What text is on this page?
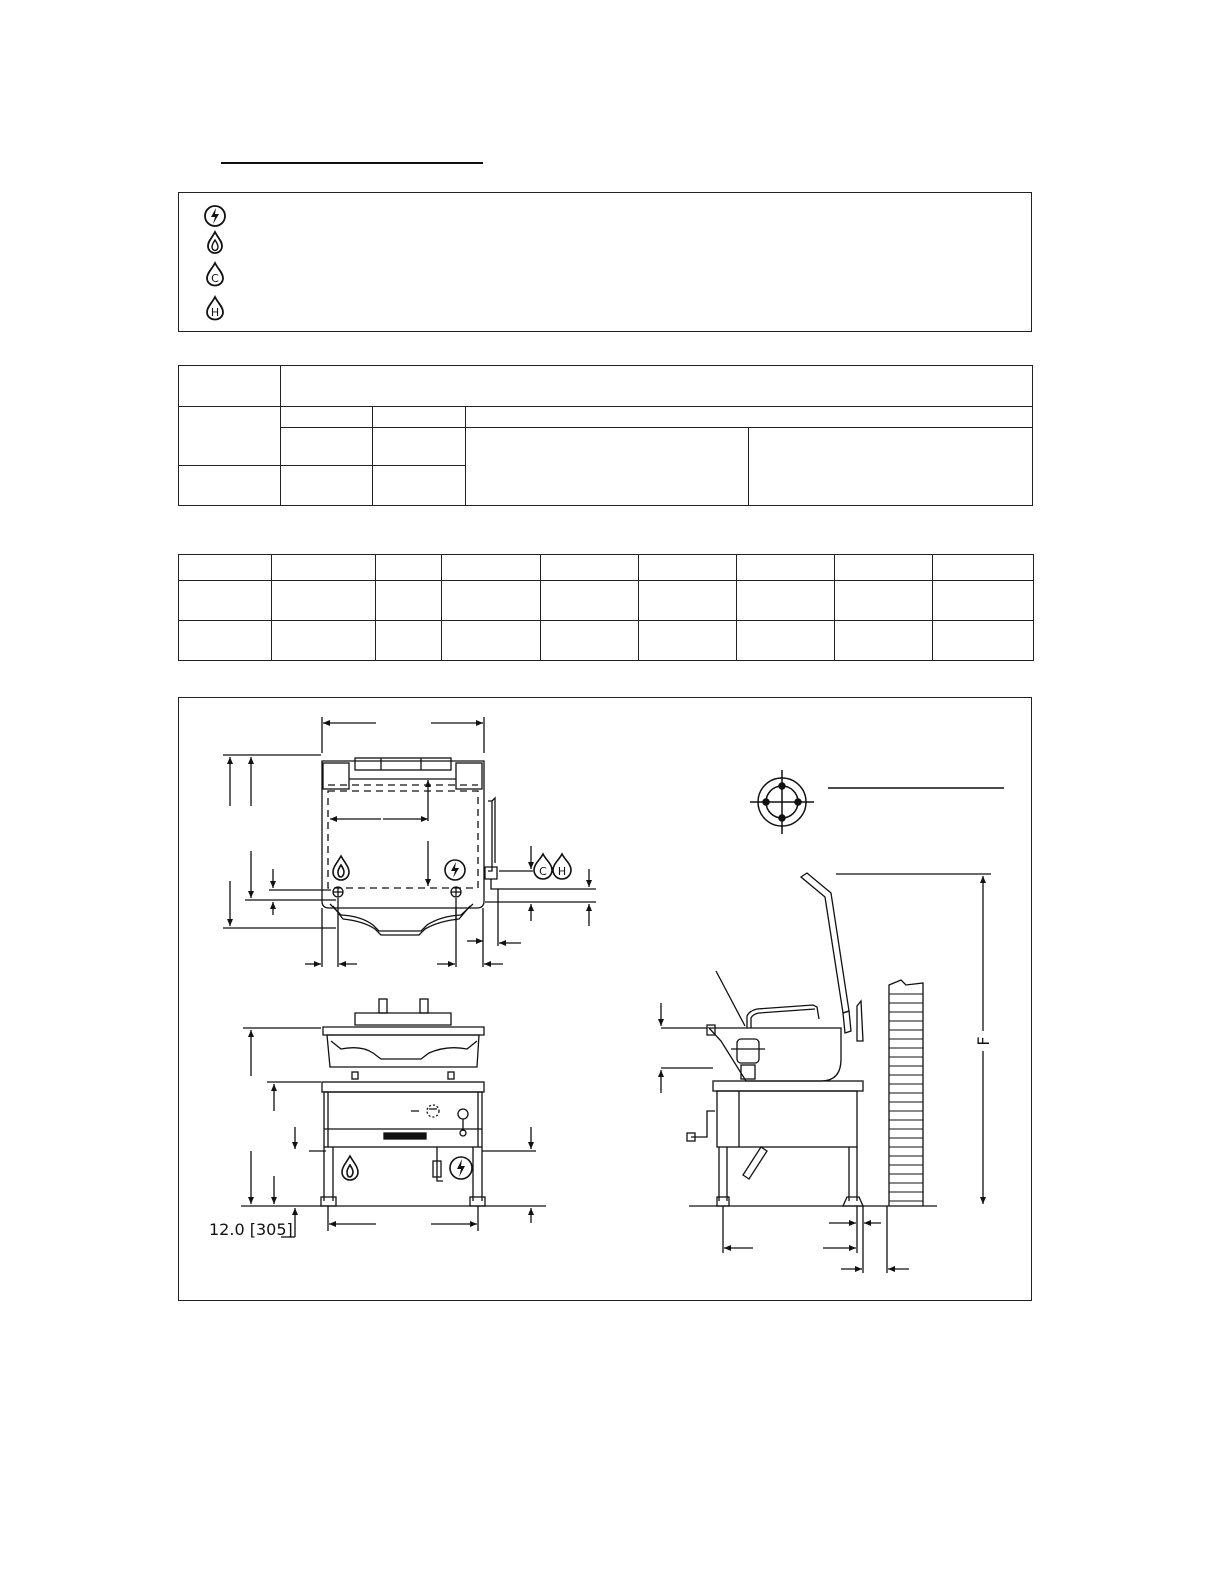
C
H

C H
12.0 [305]
F
